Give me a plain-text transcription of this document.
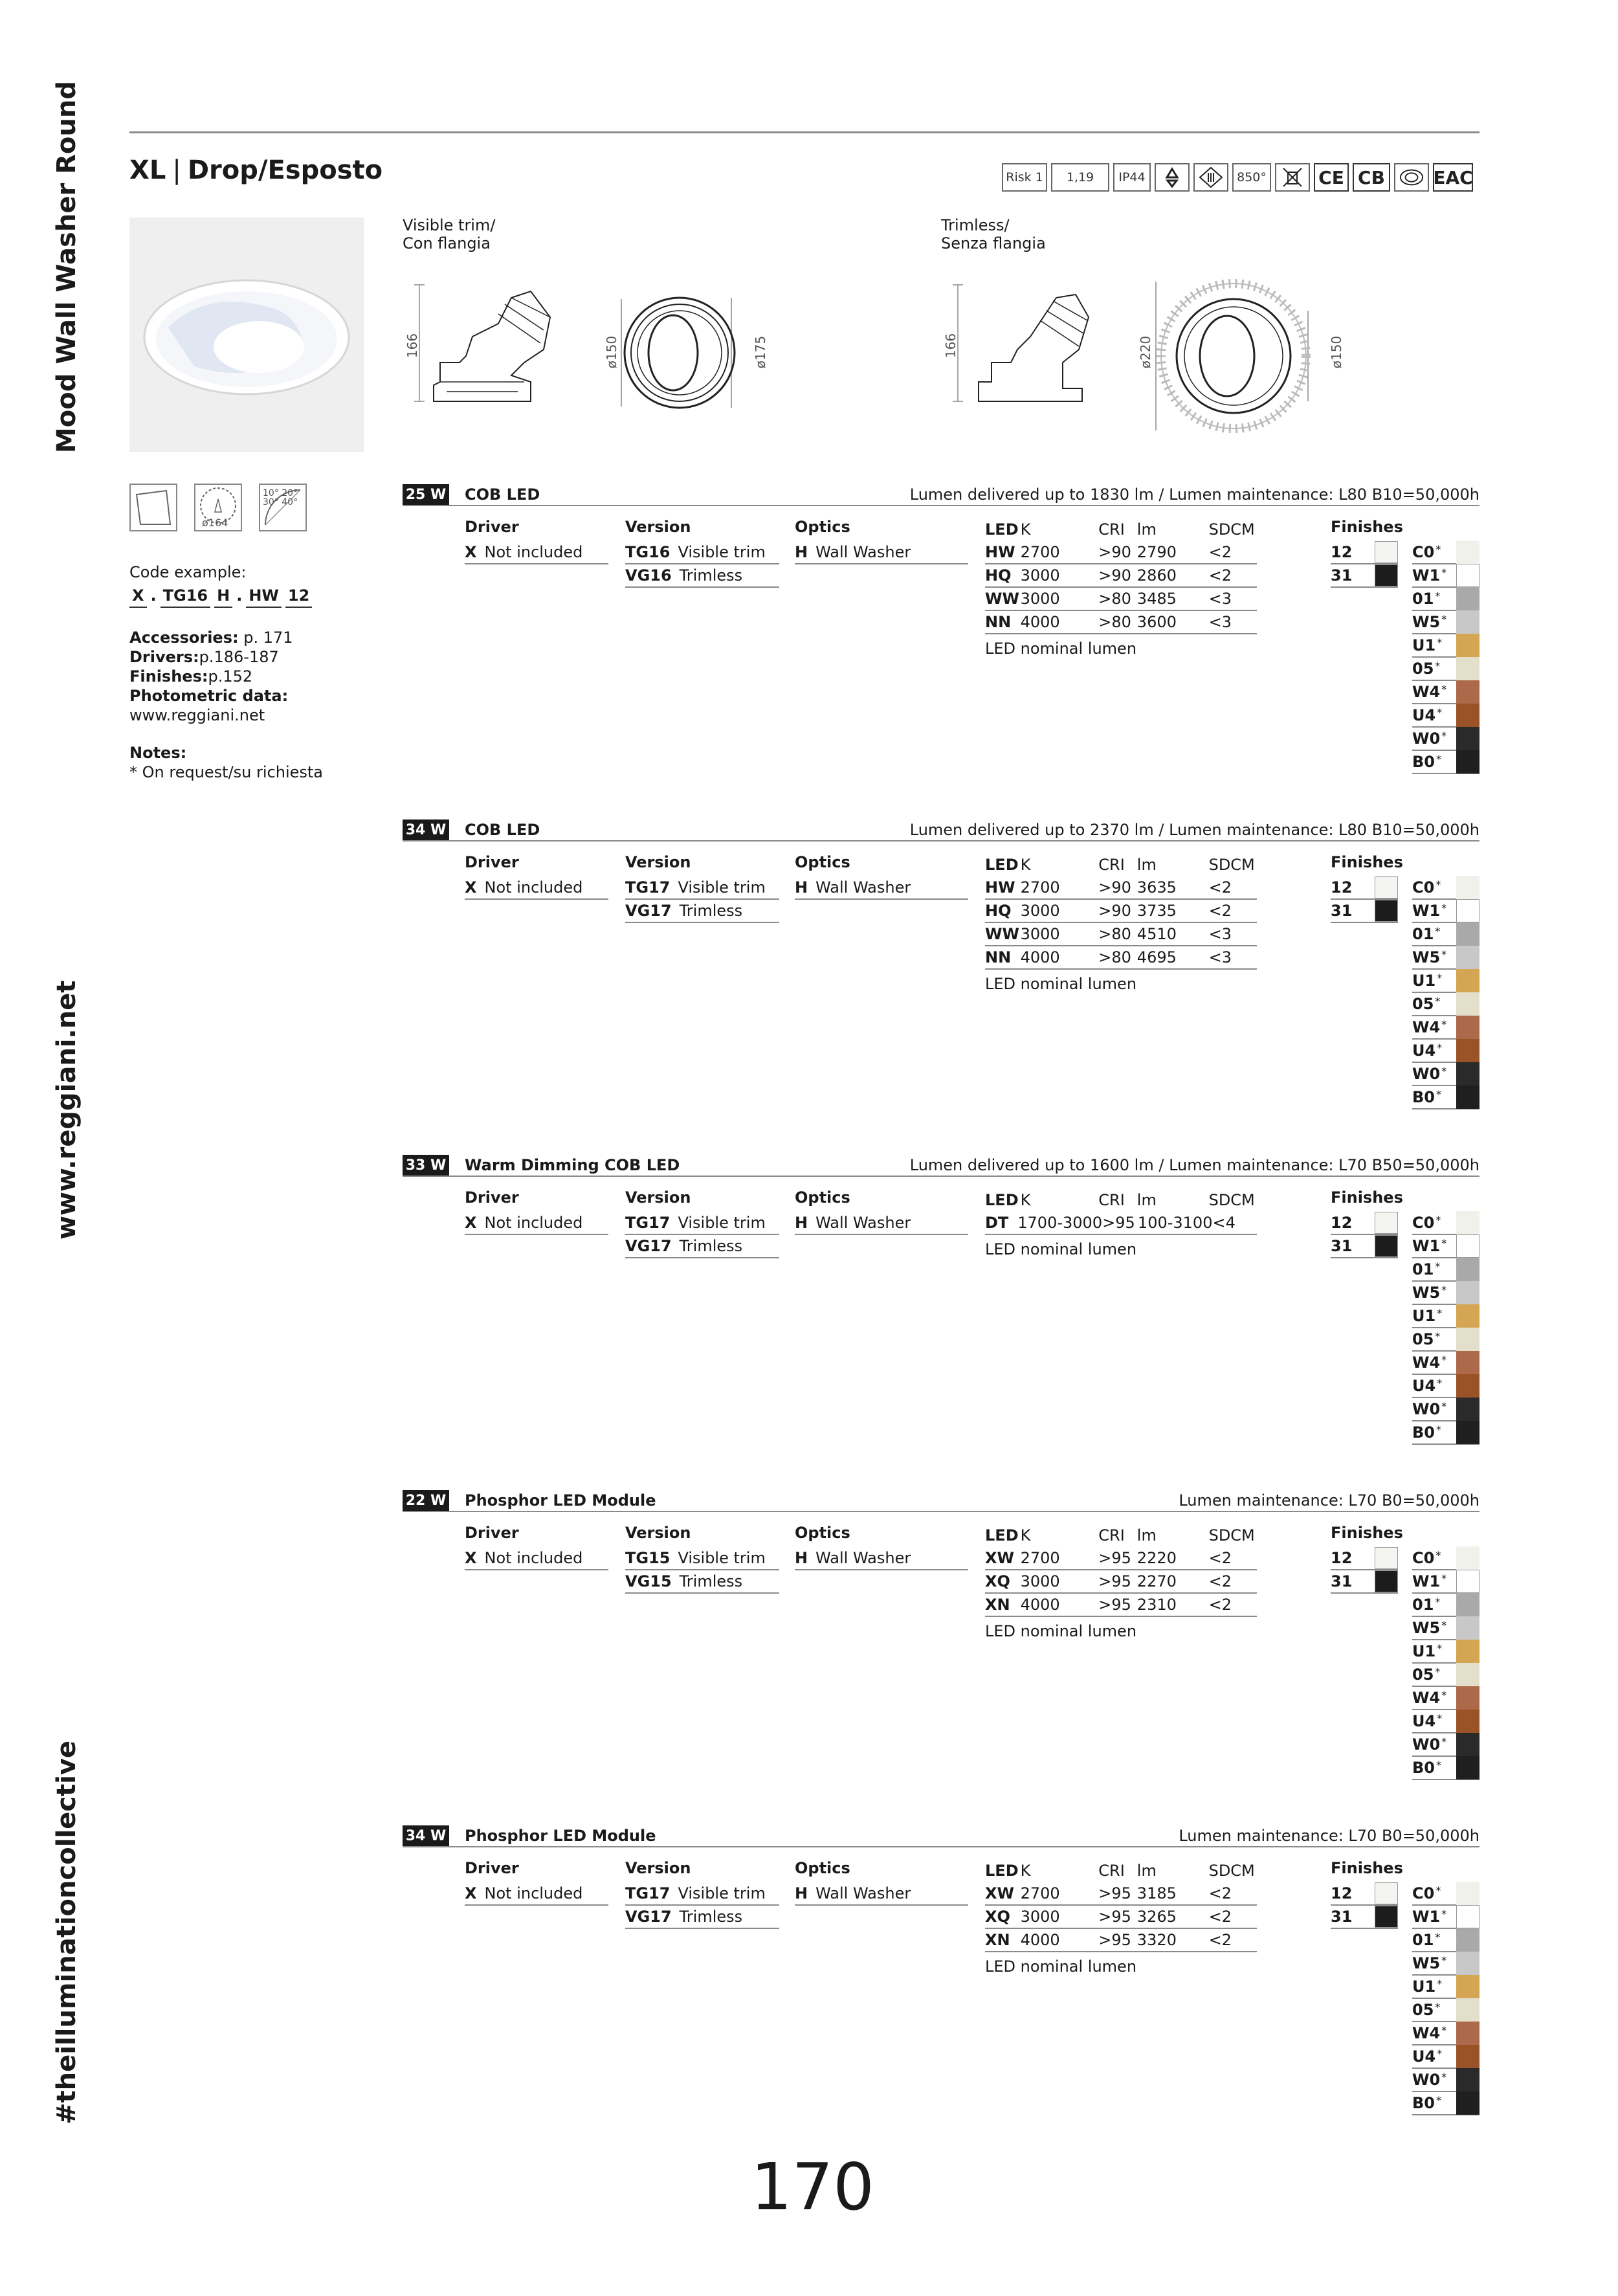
Mood Wall Washer Round
www.reggiani.net
#theilluminationcollective
XL | Drop/Esposto	Risk 1	1,19	IP44	850°	CE CB	EAC
ø164
10° 20° 30° 40°
Code example:
X . TG16 H . HW 12
Accessories: p. 171
Drivers:p.186-187
Finishes:p.152
Photometric data:
www.reggiani.net
Notes:
* On request/su richiesta
Visible trim/
Con flangia
Trimless/
Senza flangia
166	ø150	ø175	166	ø220	ø150
25 W COB LED	Lumen delivered up to 1830 lm / Lumen maintenance: L80 B10=50,000h
Driver
X Not included
Version
TG16 Visible trim
VG16 Trimless
Optics
H Wall Washer
LED K	CRI lm	SDCM
HW 2700	>90 2790	<2
HQ 3000	>90 2860	<2
WW 3000	>80 3485	<3
NN 4000	>80 3600	<3
LED nominal lumen
Finishes
12
31
C0 *
W1 *
01 *
W5 *
U1 *
05 *
W4 *
U4 *
W0 *
B0 *
34 W COB LED	Lumen delivered up to 2370 lm / Lumen maintenance: L80 B10=50,000h
Driver
X Not included
Version
TG17 Visible trim
VG17 Trimless
Optics
H Wall Washer
LED K	CRI lm	SDCM
HW 2700	>90 3635	<2
HQ 3000	>90 3735	<2
WW 3000	>80 4510	<3
NN 4000	>80 4695	<3
LED nominal lumen
Finishes
12
31
C0 *
W1 *
01 *
W5 *
U1 *
05 *
W4 *
U4 *
W0 *
B0 *
33 W Warm Dimming COB LED	Lumen delivered up to 1600 lm / Lumen maintenance: L70 B50=50,000h
Driver
X Not included
Version
TG17 Visible trim
VG17 Trimless
Optics
H Wall Washer
LED K	CRI lm	SDCM
DT 1700-3000 >95 100-3100 <4
LED nominal lumen
Finishes
12
31
C0 *
W1 *
01 *
W5 *
U1 *
05 *
W4 *
U4 *
W0 *
B0 *
22 W Phosphor LED Module	Lumen maintenance: L70 B0=50,000h
Driver
X Not included
Version
TG15 Visible trim
VG15 Trimless
Optics
H Wall Washer
LED K	CRI lm	SDCM
XW 2700	>95 2220	<2
XQ 3000	>95 2270	<2
XN 4000	>95 2310	<2
LED nominal lumen
Finishes
12
31
C0 *
W1 *
01 *
W5 *
U1 *
05 *
W4 *
U4 *
W0 *
B0 *
34 W Phosphor LED Module	Lumen maintenance: L70 B0=50,000h
Driver
X Not included
Version
TG17 Visible trim
VG17 Trimless
Optics
H Wall Washer
LED K	CRI lm	SDCM
XW 2700	>95 3185	<2
XQ 3000	>95 3265	<2
XN 4000	>95 3320	<2
LED nominal lumen
Finishes
12
31
C0 *
W1 *
01 *
W5 *
U1 *
05 *
W4 *
U4 *
W0 *
B0 *
170
